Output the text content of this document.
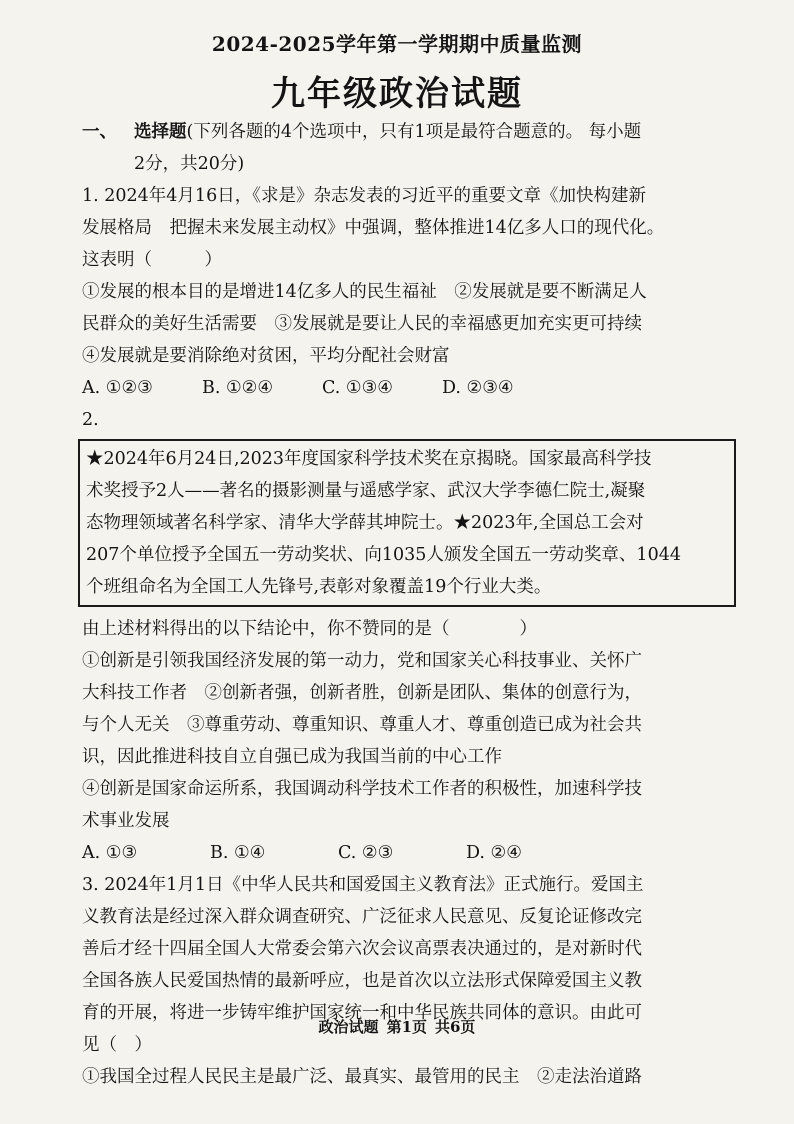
2024-2025学年第一学期期中质量监测
九年级政治试题
一、 选择题(下列各题的4个选项中，只有1项是最符合题意的。 每小题
2分，共20分)
1. 2024年4月16日，《求是》杂志发表的习近平的重要文章《加快构建新
发展格局　把握未来发展主动权》中强调，整体推进14亿多人口的现代化。
这表明（　　　）
①发展的根本目的是增进14亿多人的民生福祉　②发展就是要不断满足人
民群众的美好生活需要　③发展就是要让人民的幸福感更加充实更可持续
④发展就是要消除绝对贫困，平均分配社会财富
A. ①②③	B. ①②④	C. ①③④	D. ②③④
2.
★2024年6月24日,2023年度国家科学技术奖在京揭晓。国家最高科学技
术奖授予2人——著名的摄影测量与遥感学家、武汉大学李德仁院士,凝聚
态物理领域著名科学家、清华大学薛其坤院士。★2023年,全国总工会对
207个单位授予全国五一劳动奖状、向1035人颁发全国五一劳动奖章、1044
个班组命名为全国工人先锋号,表彰对象覆盖19个行业大类。
由上述材料得出的以下结论中，你不赞同的是（　　　　）
①创新是引领我国经济发展的第一动力，党和国家关心科技事业、关怀广
大科技工作者　②创新者强，创新者胜，创新是团队、集体的创意行为，
与个人无关　③尊重劳动、尊重知识、尊重人才、尊重创造已成为社会共
识，因此推进科技自立自强已成为我国当前的中心工作
④创新是国家命运所系，我国调动科学技术工作者的积极性，加速科学技
术事业发展
A. ①③	B. ①④	C. ②③	D. ②④
3. 2024年1月1日《中华人民共和国爱国主义教育法》正式施行。爱国主
义教育法是经过深入群众调查研究、广泛征求人民意见、反复论证修改完
善后才经十四届全国人大常委会第六次会议高票表决通过的，是对新时代
全国各族人民爱国热情的最新呼应，也是首次以立法形式保障爱国主义教
育的开展，将进一步铸牢维护国家统一和中华民族共同体的意识。由此可
见（　）
①我国全过程人民民主是最广泛、最真实、最管用的民主　②走法治道路
政治试题 第1页 共6页
